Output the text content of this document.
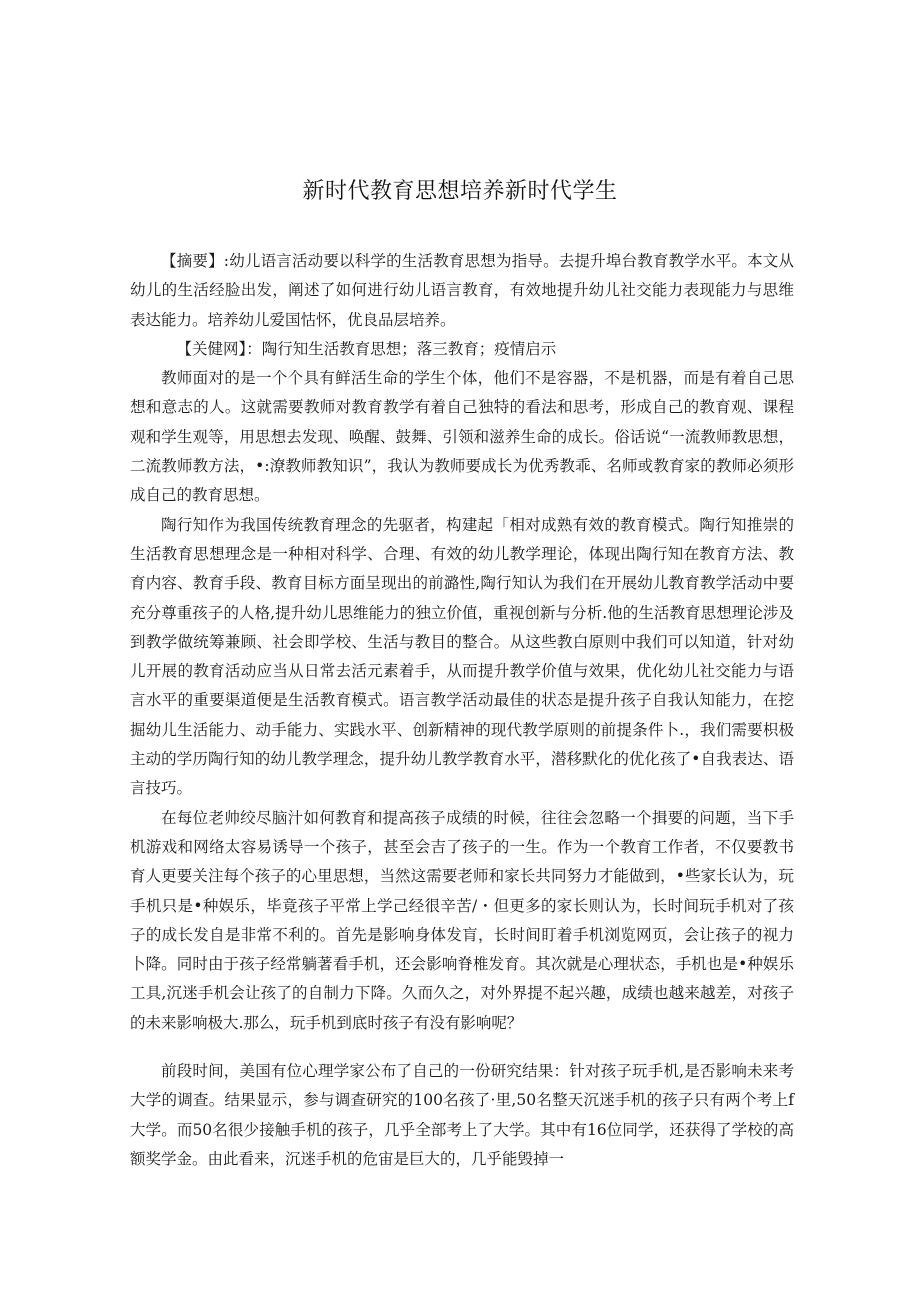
新时代教育思想培养新时代学生

【摘要】:幼儿语言活动要以科学的生活教育思想为指导。去提升埠台教育教学水平。本文从幼儿的生活经脸出发，阐述了如何进行幼儿语言教育，有效地提升幼儿社交能力表现能力与思维表达能力。培养幼儿爱国怙怀，优良品层培养。

【关健网】：陶行知生活教育思想；落三教育；疫情启示

教师面对的是一个个具有鲜活生命的学生个体，他们不是容器，不是机器，而是有着自己思想和意志的人。这就需要教师对教育教学有着自己独特的看法和思考，形成自己的教育观、课程观和学生观等，用思想去发现、唤醒、鼓舞、引领和滋养生命的成长。俗话说“一流教师教思想，二流教师教方法，•:潦教师教知识”，我认为教师要成长为优秀教乖、名师或教育家的教师必须形成自己的教育思想。

陶行知作为我国传统教育理念的先驱者，构建起「相对成熟有效的教育模式。陶行知推崇的生活教育思想理念是一种相对科学、合理、有效的幼儿教学理论，体现出陶行知在教育方法、教育内容、教育手段、教育目标方面呈现出的前潞性,陶行知认为我们在开展幼儿教育教学活动中要充分尊重孩子的人格,提升幼儿思维能力的独立价值，重视创新与分析.他的生活教育思想理论涉及到教学做统筹兼顾、社会即学校、生活与教目的整合。从这些教白原则中我们可以知道，针对幼儿开展的教育活动应当从日常去活元素着手，从而提升教学价值与效果，优化幼儿社交能力与语言水平的重要渠道便是生活教育模式。语言教学活动最佳的状态是提升孩子自我认知能力，在挖掘幼儿生活能力、动手能力、实践水平、创新精神的现代教学原则的前提条件卜.，我们需要枳极主动的学历陶行知的幼儿教学理念，提升幼儿教学教育水平，潜移默化的优化孩了•自我表达、语言技巧。

在每位老帅绞尽脑汁如何教育和提高孩子成绩的时候，往往会忽略一个揖要的问题，当下手机游戏和网络太容易诱导一个孩子，甚至会吉了孩子的一生。作为一个教育工作者，不仅要教书育人更要关注每个孩子的心里思想，当然这需要老师和家长共同努力才能做到，•些家长认为，玩手机只是•种娱乐，毕竟孩子平常上学己经很辛苦/・但更多的家长则认为，长时间玩手机对了孩子的成长发自是非常不利的。首先是影响身体发肓，长时间盯着手机浏览网页，会让孩子的视力卜降。同时由于孩子经常躺著看手机，还会影响脊椎发育。其次就是心理状态，手机也是•种娱乐工具,沉迷手机会让孩了的自制力下降。久而久之，对外界提不起兴趣，成绩也越来越差，对孩子的未来影响极大.那么，玩手机到底时孩子有没有影响呢？

前段时间，美国有位心理学家公布了自己的一份研究结果：针对孩子玩手机,是否影响未来考大学的调查。结果显示，参与调查研究的100名孩了·里,50名整天沉迷手机的孩子只有两个考上f大学。而50名很少接触手机的孩子，几乎全部考上了大学。其中有16位同学，还获得了学校的高额奖学金。由此看来，沉迷手机的危宙是巨大的，几乎能毁掉一
